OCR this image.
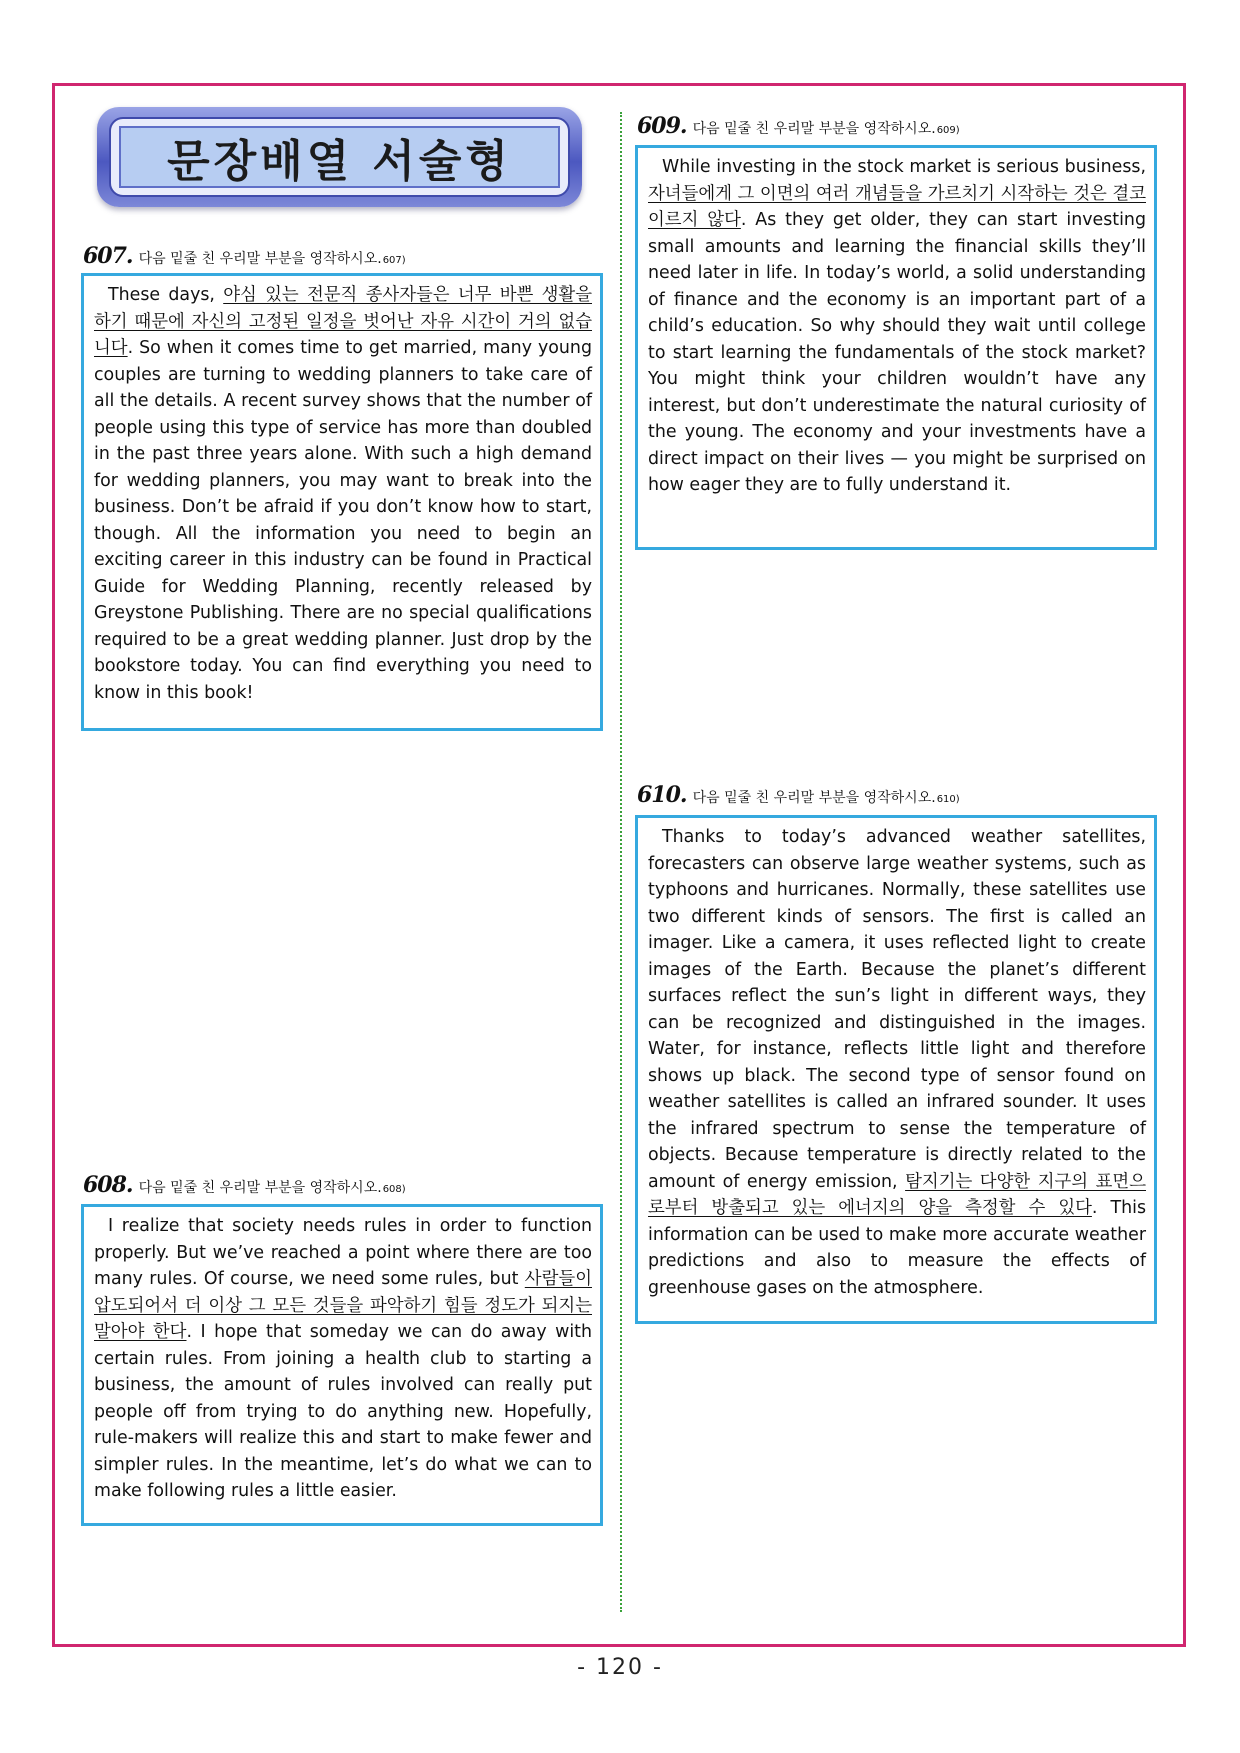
문장배열 서술형
607. 다음 밑줄 친 우리말 부분을 영작하시오. 607)

These days, 야심 있는 전문직 종사자들은 너무 바쁜 생활을 하기 때문에 자신의 고정된 일정을 벗어난 자유 시간이 거의 없습니다. So when it comes time to get married, many young couples are turning to wedding planners to take care of all the details. A recent survey shows that the number of people using this type of service has more than doubled in the past three years alone. With such a high demand for wedding planners, you may want to break into the business. Don’t be afraid if you don’t know how to start, though. All the information you need to begin an exciting career in this industry can be found in Practical Guide for Wedding Planning, recently released by Greystone Publishing. There are no special qualifications required to be a great wedding planner. Just drop by the bookstore today. You can find everything you need to know in this book!

608. 다음 밑줄 친 우리말 부분을 영작하시오. 608)

I realize that society needs rules in order to function properly. But we’ve reached a point where there are too many rules. Of course, we need some rules, but 사람들이 압도되어서 더 이상 그 모든 것들을 파악하기 힘들 정도가 되지는 말아야 한다. I hope that someday we can do away with certain rules. From joining a health club to starting a business, the amount of rules involved can really put people off from trying to do anything new. Hopefully, rule-makers will realize this and start to make fewer and simpler rules. In the meantime, let’s do what we can to make following rules a little easier.

609. 다음 밑줄 친 우리말 부분을 영작하시오. 609)

While investing in the stock market is serious business, 자녀들에게 그 이면의 여러 개념들을 가르치기 시작하는 것은 결코 이르지 않다. As they get older, they can start investing small amounts and learning the financial skills they’ll need later in life. In today’s world, a solid understanding of finance and the economy is an important part of a child’s education. So why should they wait until college to start learning the fundamentals of the stock market? You might think your children wouldn’t have any interest, but don’t underestimate the natural curiosity of the young. The economy and your investments have a direct impact on their lives — you might be surprised on how eager they are to fully understand it.

610. 다음 밑줄 친 우리말 부분을 영작하시오. 610)

Thanks to today’s advanced weather satellites, forecasters can observe large weather systems, such as typhoons and hurricanes. Normally, these satellites use two different kinds of sensors. The first is called an imager. Like a camera, it uses reflected light to create images of the Earth. Because the planet’s different surfaces reflect the sun’s light in different ways, they can be recognized and distinguished in the images. Water, for instance, reflects little light and therefore shows up black. The second type of sensor found on weather satellites is called an infrared sounder. It uses the infrared spectrum to sense the temperature of objects. Because temperature is directly related to the amount of energy emission, 탐지기는 다양한 지구의 표면으로부터 방출되고 있는 에너지의 양을 측정할 수 있다. This information can be used to make more accurate weather predictions and also to measure the effects of greenhouse gases on the atmosphere.

- 120 -
